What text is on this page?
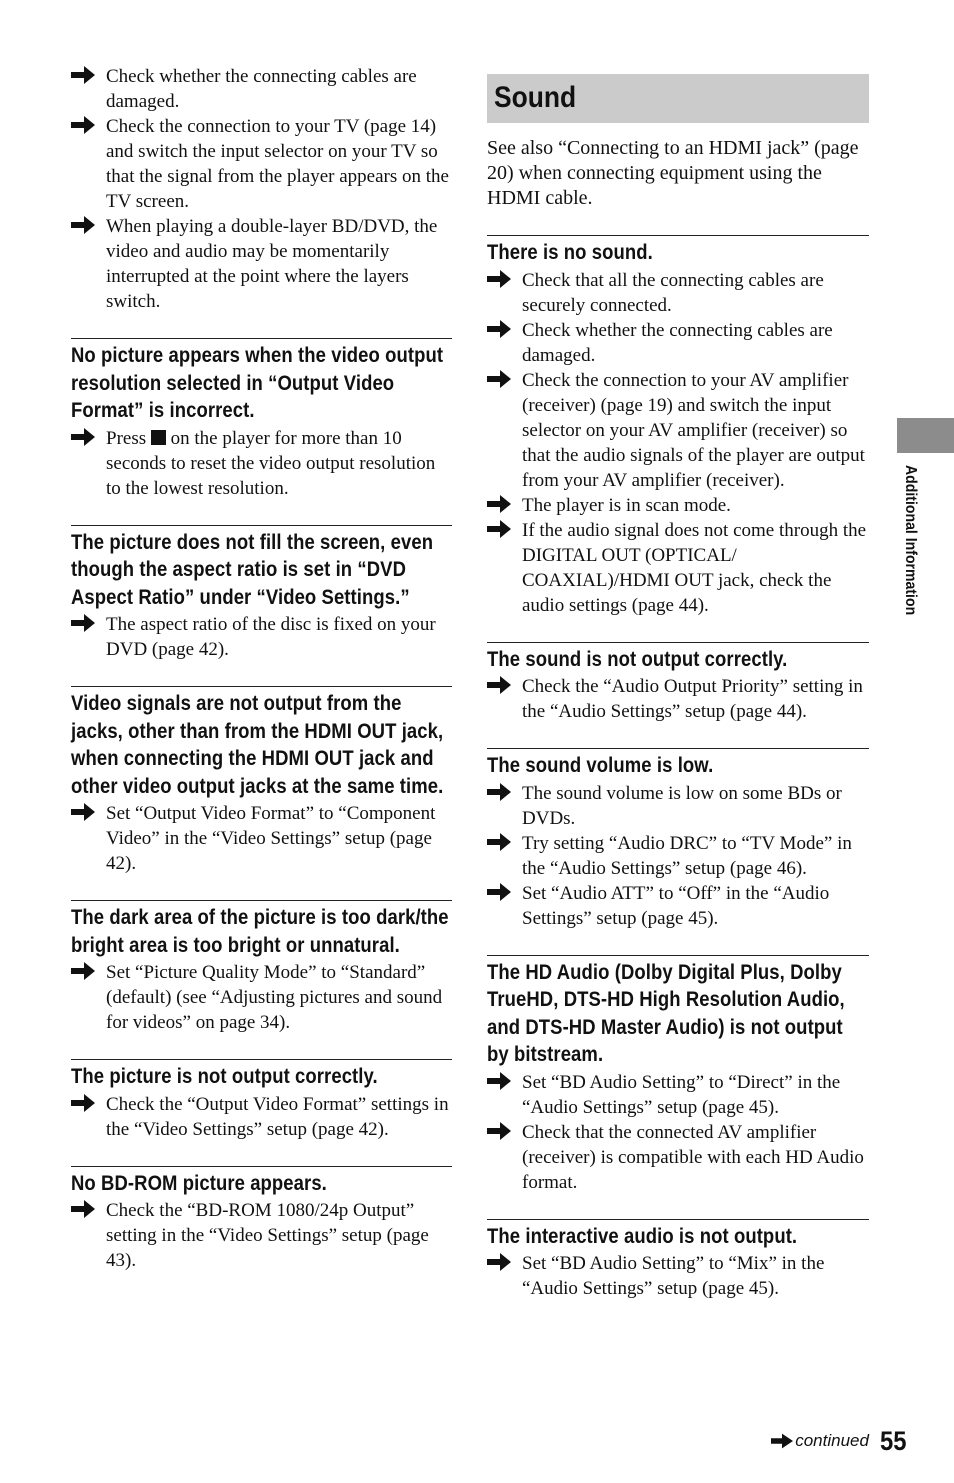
Check whether the connecting cables are damaged.
Check the connection to your TV (page 14) and switch the input selector on your TV so that the signal from the player appears on the TV screen.
When playing a double-layer BD/DVD, the video and audio may be momentarily interrupted at the point where the layers switch.
No picture appears when the video output resolution selected in “Output Video Format” is incorrect.
Press  on the player for more than 10 seconds to reset the video output resolution to the lowest resolution.
The picture does not fill the screen, even though the aspect ratio is set in “DVD Aspect Ratio” under “Video Settings.”
The aspect ratio of the disc is fixed on your DVD (page 42).
Video signals are not output from the jacks, other than from the HDMI OUT jack, when connecting the HDMI OUT jack and other video output jacks at the same time.
Set “Output Video Format” to “Component Video” in the “Video Settings” setup (page 42).
The dark area of the picture is too dark/the bright area is too bright or unnatural.
Set “Picture Quality Mode” to “Standard” (default) (see “Adjusting pictures and sound for videos” on page 34).
The picture is not output correctly.
Check the “Output Video Format” settings in the “Video Settings” setup (page 42).
No BD-ROM picture appears.
Check the “BD-ROM 1080/24p Output” setting in the “Video Settings” setup (page 43).
Sound

See also “Connecting to an HDMI jack” (page 20) when connecting equipment using the HDMI cable.

There is no sound.
Check that all the connecting cables are securely connected.
Check whether the connecting cables are damaged.
Check the connection to your AV amplifier (receiver) (page 19) and switch the input selector on your AV amplifier (receiver) so that the audio signals of the player are output from your AV amplifier (receiver).
The player is in scan mode.
If the audio signal does not come through the DIGITAL OUT (OPTICAL/ COAXIAL)/HDMI OUT jack, check the audio settings (page 44).
The sound is not output correctly.
Check the “Audio Output Priority” setting in the “Audio Settings” setup (page 44).
The sound volume is low.
The sound volume is low on some BDs or DVDs.
Try setting “Audio DRC” to “TV Mode” in the “Audio Settings” setup (page 46).
Set “Audio ATT” to “Off” in the “Audio Settings” setup (page 45).
The HD Audio (Dolby Digital Plus, Dolby TrueHD, DTS-HD High Resolution Audio, and DTS-HD Master Audio) is not output by bitstream.
Set “BD Audio Setting” to “Direct” in the “Audio Settings” setup (page 45).
Check that the connected AV amplifier (receiver) is compatible with each HD Audio format.
The interactive audio is not output.
Set “BD Audio Setting” to “Mix” in the “Audio Settings” setup (page 45).
Additional Information
continued 55
